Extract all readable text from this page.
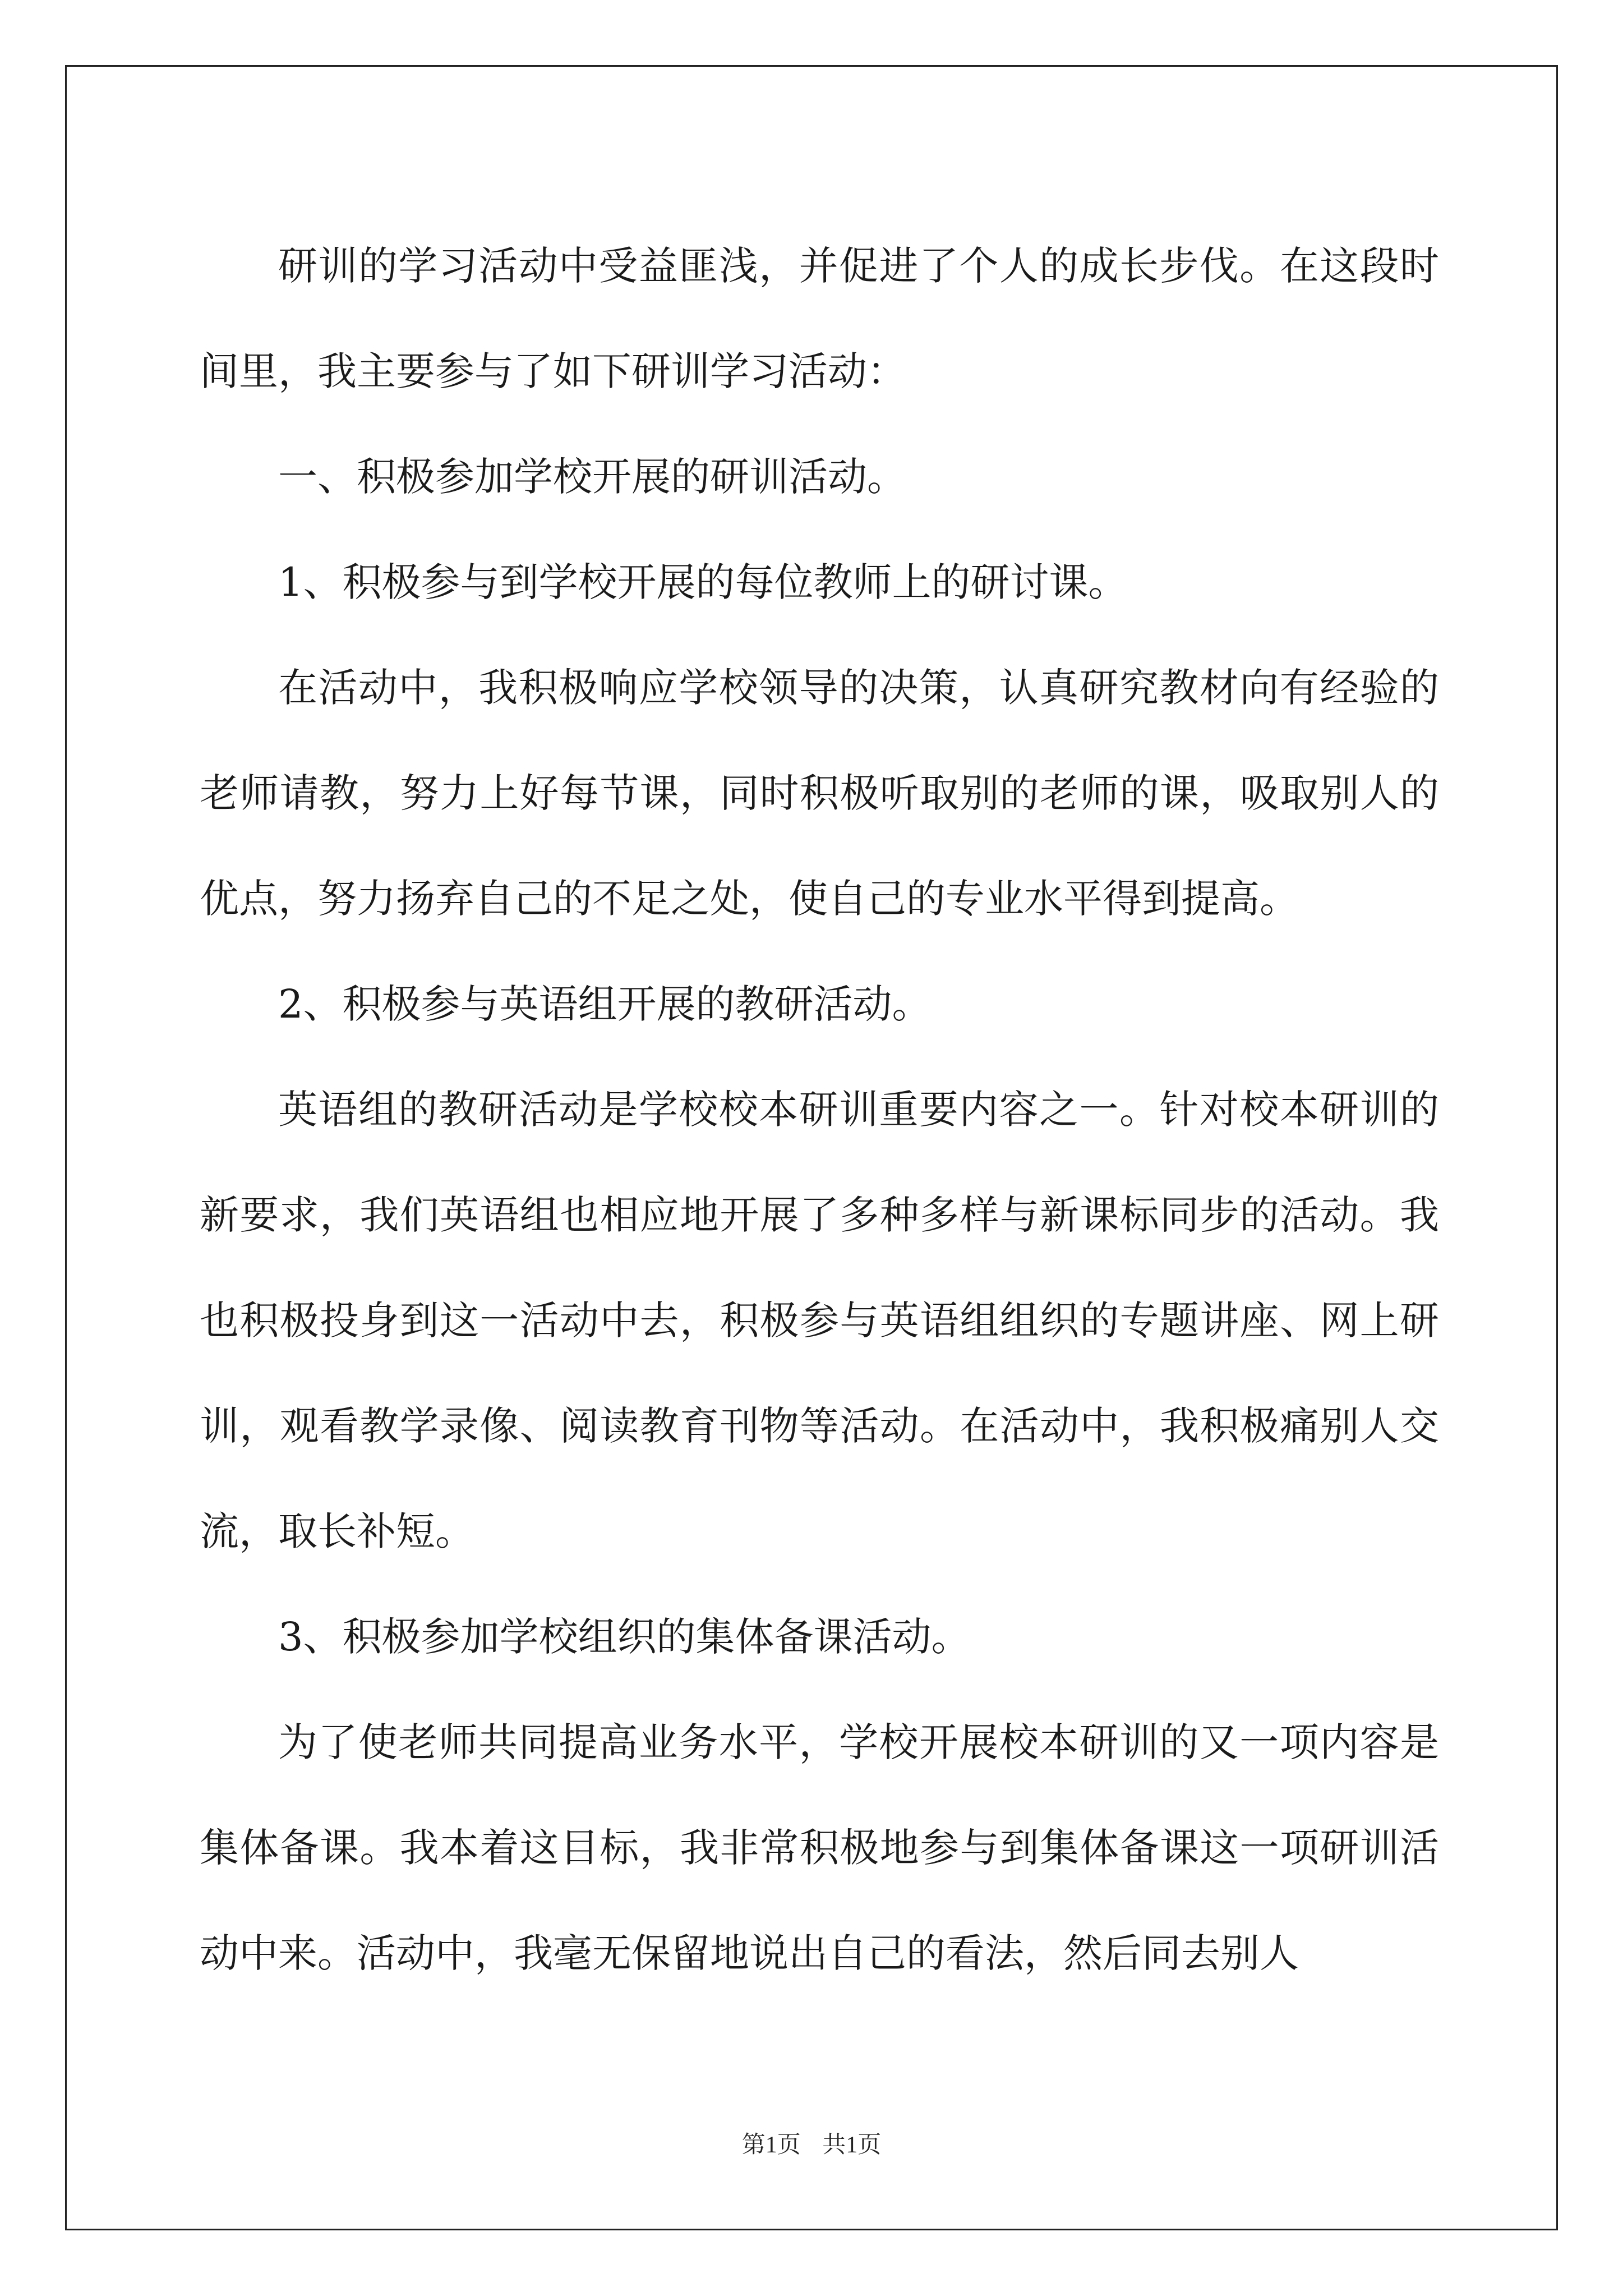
研训的学习活动中受益匪浅，并促进了个人的成长步伐。在这段时间里，我主要参与了如下研训学习活动：

一、积极参加学校开展的研训活动。

1、积极参与到学校开展的每位教师上的研讨课。

在活动中，我积极响应学校领导的决策，认真研究教材向有经验的老师请教，努力上好每节课，同时积极听取别的老师的课，吸取别人的优点，努力扬弃自己的不足之处，使自己的专业水平得到提高。

2、积极参与英语组开展的教研活动。

英语组的教研活动是学校校本研训重要内容之一。针对校本研训的新要求，我们英语组也相应地开展了多种多样与新课标同步的活动。我也积极投身到这一活动中去，积极参与英语组组织的专题讲座、网上研训，观看教学录像、阅读教育刊物等活动。在活动中，我积极痛别人交流，取长补短。

3、积极参加学校组织的集体备课活动。

为了使老师共同提高业务水平，学校开展校本研训的又一项内容是集体备课。我本着这目标，我非常积极地参与到集体备课这一项研训活动中来。活动中，我毫无保留地说出自己的看法，然后同去别人

第1页 共1页
